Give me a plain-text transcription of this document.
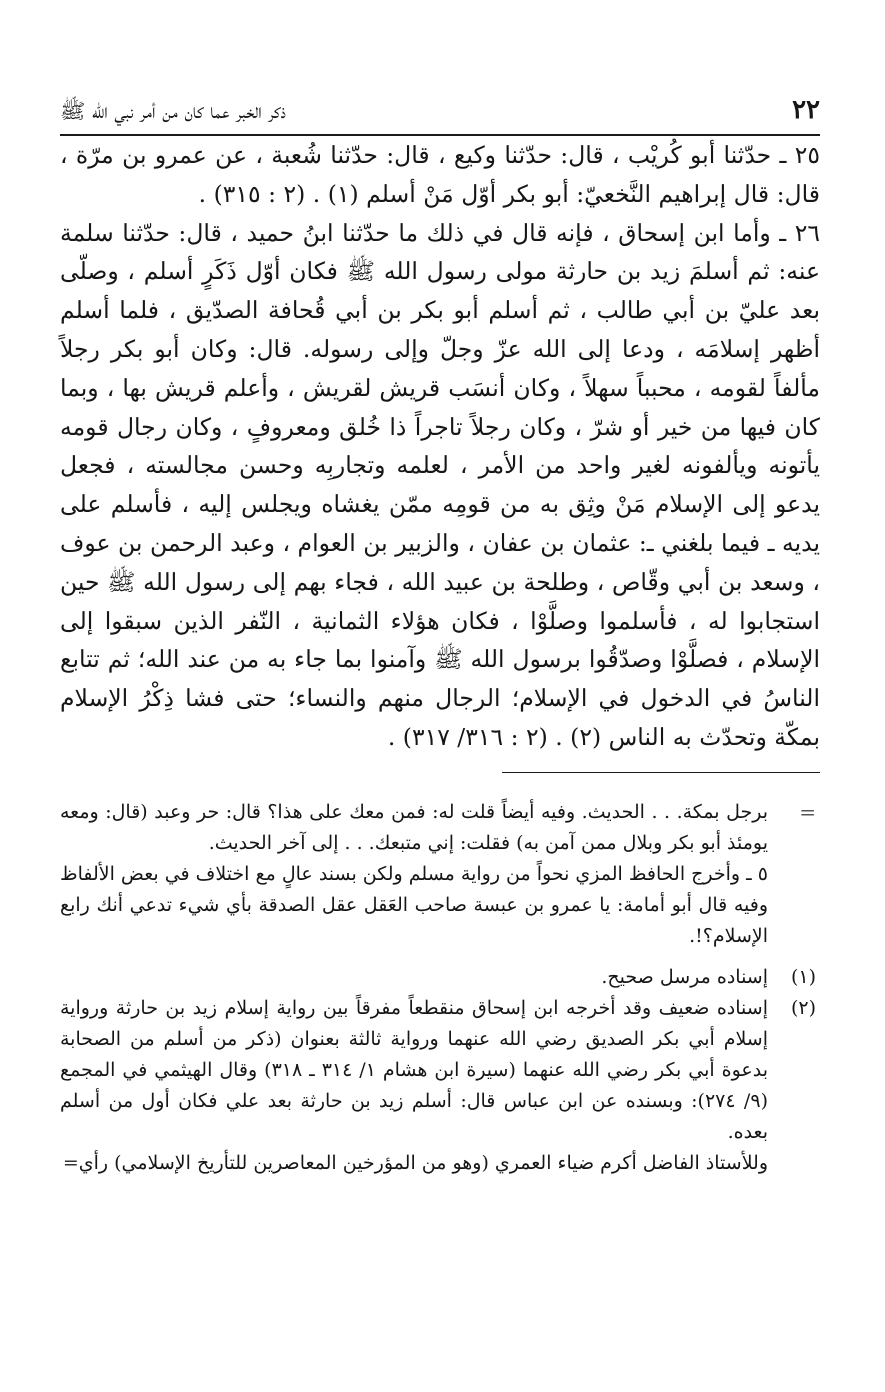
٢٢
ذكر الخبر عما كان من أمر نبي الله ﷺ

٢٥ ـ حدّثنا أبو كُريْب ، قال: حدّثنا وكيع ، قال: حدّثنا شُعبة ، عن عمرو بن مرّة ، قال: قال إبراهيم النَّخعيّ: أبو بكر أوّل مَنْ أسلم (١) . (٢ : ٣١٥) .

٢٦ ـ وأما ابن إسحاق ، فإنه قال في ذلك ما حدّثنا ابنُ حميد ، قال: حدّثنا سلمة عنه: ثم أسلمَ زيد بن حارثة مولى رسول الله ﷺ فكان أوّل ذَكَرٍ أسلم ، وصلّى بعد عليّ بن أبي طالب ، ثم أسلم أبو بكر بن أبي قُحافة الصدّيق ، فلما أسلم أظهر إسلامَه ، ودعا إلى الله عزّ وجلّ وإلى رسوله. قال: وكان أبو بكر رجلاً مألفاً لقومه ، محبباً سهلاً ، وكان أنسَب قريش لقريش ، وأعلم قريش بها ، وبما كان فيها من خير أو شرّ ، وكان رجلاً تاجراً ذا خُلق ومعروفٍ ، وكان رجال قومه يأتونه ويألفونه لغير واحد من الأمر ، لعلمه وتجاربِه وحسن مجالسته ، فجعل يدعو إلى الإسلام مَنْ وثِق به من قومِه ممّن يغشاه ويجلس إليه ، فأسلم على يديه ـ فيما بلغني ـ: عثمان بن عفان ، والزبير بن العوام ، وعبد الرحمن بن عوف ، وسعد بن أبي وقّاص ، وطلحة بن عبيد الله ، فجاء بهم إلى رسول الله ﷺ حين استجابوا له ، فأسلموا وصلَّوْا ، فكان هؤلاء الثمانية ، النّفر الذين سبقوا إلى الإسلام ، فصلَّوْا وصدّقُوا برسول الله ﷺ وآمنوا بما جاء به من عند الله؛ ثم تتابع الناسُ في الدخول في الإسلام؛ الرجال منهم والنساء؛ حتى فشا ذِكْرُ الإسلام بمكّة وتحدّث به الناس (٢) . (٢ : ٣١٦/ ٣١٧) .

=
برجل بمكة. . . الحديث. وفيه أيضاً قلت له: فمن معك على هذا؟ قال: حر وعبد (قال: ومعه يومئذ أبو بكر وبلال ممن آمن به) فقلت: إني متبعك. . . إلى آخر الحديث.

٥ ـ وأخرج الحافظ المزي نحواً من رواية مسلم ولكن بسند عالٍ مع اختلاف في بعض الألفاظ وفيه قال أبو أمامة: يا عمرو بن عبسة صاحب العَقل عقل الصدقة بأي شيء تدعي أنك رابع الإسلام؟!.

(١)
إسناده مرسل صحيح.

(٢)
إسناده ضعيف وقد أخرجه ابن إسحاق منقطعاً مفرقاً بين رواية إسلام زيد بن حارثة ورواية إسلام أبي بكر الصديق رضي الله عنهما ورواية ثالثة بعنوان (ذكر من أسلم من الصحابة بدعوة أبي بكر رضي الله عنهما (سيرة ابن هشام ١/ ٣١٤ ـ ٣١٨) وقال الهيثمي في المجمع (٩/ ٢٧٤): وبسنده عن ابن عباس قال: أسلم زيد بن حارثة بعد علي فكان أول من أسلم بعده.

وللأستاذ الفاضل أكرم ضياء العمري (وهو من المؤرخين المعاصرين للتأريخ الإسلامي) رأي=
